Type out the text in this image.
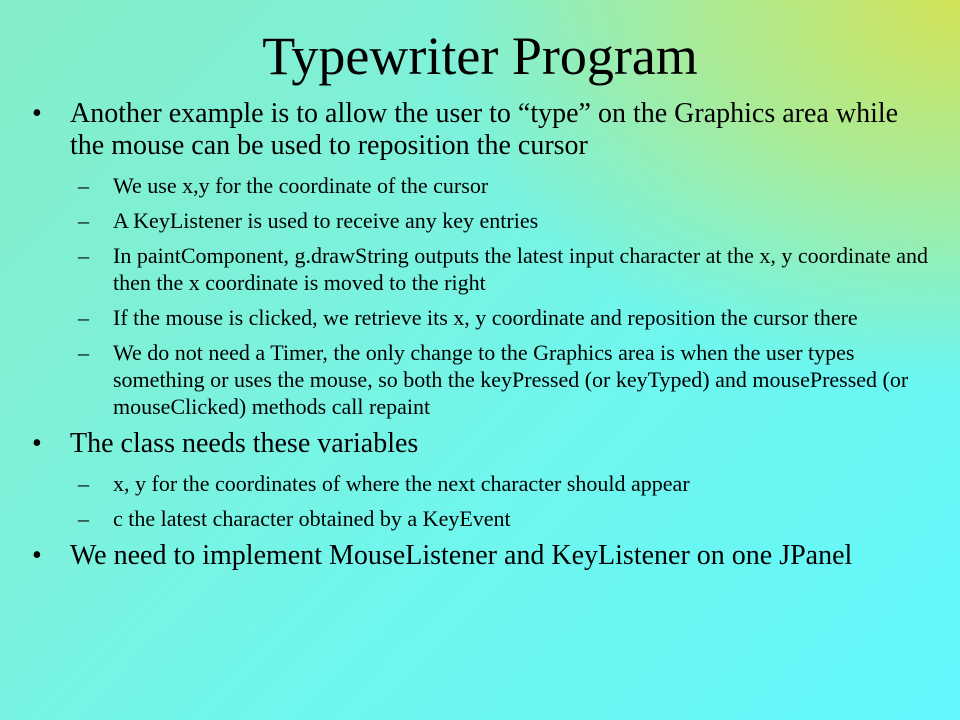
Typewriter Program
• Another example is to allow the user to “type” on the Graphics area while the mouse can be used to reposition the cursor
– We use x,y for the coordinate of the cursor
– A KeyListener is used to receive any key entries
– In paintComponent, g.drawString outputs the latest input character at the x, y coordinate and then the x coordinate is moved to the right
– If the mouse is clicked, we retrieve its x, y coordinate and reposition the cursor there
– We do not need a Timer, the only change to the Graphics area is when the user types something or uses the mouse, so both the keyPressed (or keyTyped) and mousePressed (or mouseClicked) methods call repaint
• The class needs these variables
– x, y for the coordinates of where the next character should appear
– c the latest character obtained by a KeyEvent
• We need to implement MouseListener and KeyListener on one JPanel
